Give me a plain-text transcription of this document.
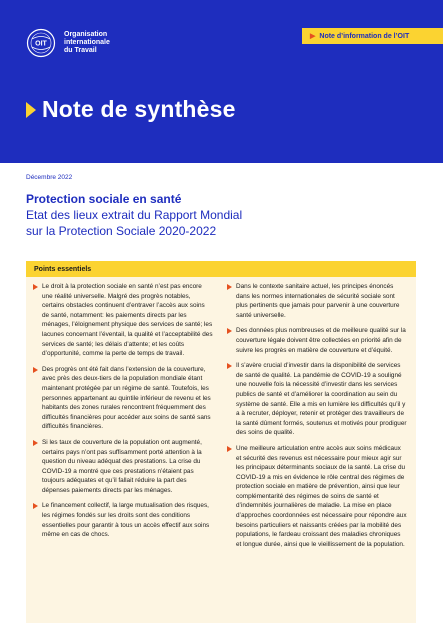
OIT
Organisation
internationale
du Travail
▶ Note d’information de l’OIT
Note de synthèse
Décembre 2022
Protection sociale en santé
Etat des lieux extrait du Rapport Mondial
sur la Protection Sociale 2020-2022
Points essentiels
Le droit à la protection sociale en santé n’est pas encore une réalité universelle. Malgré des progrès notables, certains obstacles continuent d’entraver l’accès aux soins de santé, notamment: les paiements directs par les ménages, l’éloignement physique des services de santé; les lacunes concernant l’éventail, la qualité et l’acceptabilité des services de santé; les délais d’attente; et les coûts d’opportunité, comme la perte de temps de travail.
Des progrès ont été fait dans l’extension de la couverture, avec près des deux-tiers de la population mondiale étant maintenant protégée par un régime de santé. Toutefois, les personnes appartenant au quintile inférieur de revenu et les habitants des zones rurales rencontrent fréquemment des difficultés financières pour accéder aux soins de santé sans difficultés financières.
Si les taux de couverture de la population ont augmenté, certains pays n’ont pas suffisamment porté attention à la question du niveau adéquat des prestations. La crise du COVID-19 a montré que ces prestations n’étaient pas toujours adéquates et qu’il fallait réduire la part des dépenses paiements directs par les ménages.
Le financement collectif, la large mutualisation des risques, les régimes fondés sur les droits sont des conditions essentielles pour garantir à tous un accès effectif aux soins même en cas de chocs.
Dans le contexte sanitaire actuel, les principes énoncés dans les normes internationales de sécurité sociale sont plus pertinents que jamais pour parvenir à une couverture santé universelle.
Des données plus nombreuses et de meilleure qualité sur la couverture légale doivent être collectées en priorité afin de suivre les progrès en matière de couverture et d’équité.
Il s’avère crucial d’investir dans la disponibilité de services de santé de qualité. La pandémie de COVID-19 a souligné une nouvelle fois la nécessité d’investir dans les services publics de santé et d’améliorer la coordination au sein du système de santé. Elle a mis en lumière les difficultés qu’il y a à recruter, déployer, retenir et protéger des travailleurs de la santé dûment formés, soutenus et motivés pour prodiguer des soins de qualité.
Une meilleure articulation entre accès aux soins médicaux et sécurité des revenus est nécessaire pour mieux agir sur les principaux déterminants sociaux de la santé. La crise du COVID-19 a mis en évidence le rôle central des régimes de protection sociale en matière de prévention, ainsi que leur complémentarité des régimes de soins de santé et d’indemnités journalières de maladie. La mise en place d’approches coordonnées est nécessaire pour répondre aux besoins particuliers et naissants créées par la mobilité des populations, le fardeau croissant des maladies chroniques et longue durée, ainsi que le vieillissement de la population.
